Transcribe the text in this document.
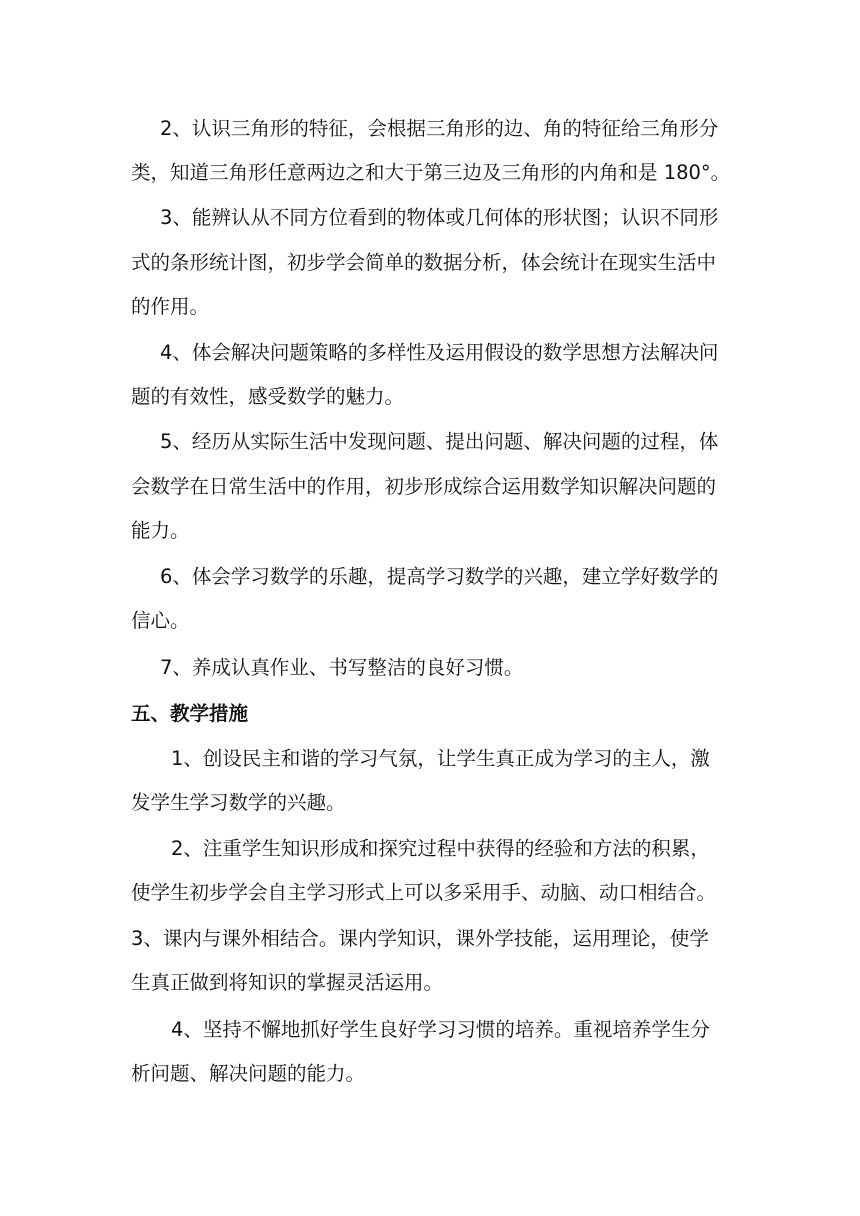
2、认识三角形的特征，会根据三角形的边、角的特征给三角形分
类，知道三角形任意两边之和大于第三边及三角形的内角和是 180°。
3、能辨认从不同方位看到的物体或几何体的形状图；认识不同形
式的条形统计图，初步学会简单的数据分析，体会统计在现实生活中
的作用。
4、体会解决问题策略的多样性及运用假设的数学思想方法解决问
题的有效性，感受数学的魅力。
5、经历从实际生活中发现问题、提出问题、解决问题的过程，体
会数学在日常生活中的作用，初步形成综合运用数学知识解决问题的
能力。
6、体会学习数学的乐趣，提高学习数学的兴趣，建立学好数学的
信心。
7、养成认真作业、书写整洁的良好习惯。
五、教学措施
1、创设民主和谐的学习气氛，让学生真正成为学习的主人，激
发学生学习数学的兴趣。
2、注重学生知识形成和探究过程中获得的经验和方法的积累，
使学生初步学会自主学习形式上可以多采用手、动脑、动口相结合。
3、课内与课外相结合。课内学知识，课外学技能，运用理论，使学
生真正做到将知识的掌握灵活运用。
4、坚持不懈地抓好学生良好学习习惯的培养。重视培养学生分
析问题、解决问题的能力。
